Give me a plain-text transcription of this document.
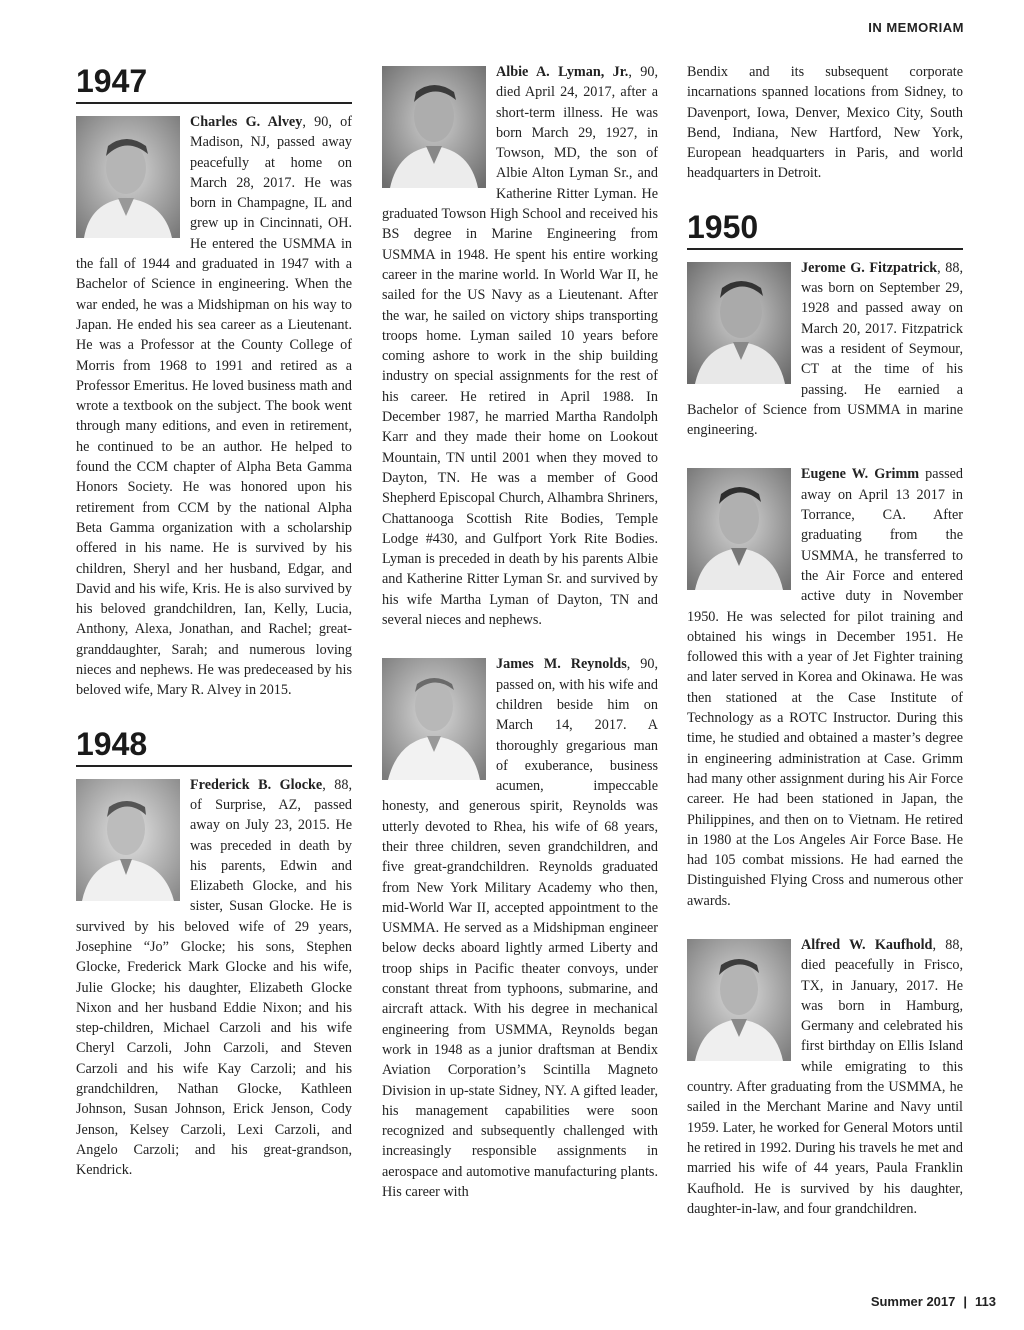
IN MEMORIAM
1947

Charles G. Alvey, 90, of Madison, NJ, passed away peacefully at home on March 28, 2017. He was born in Champagne, IL and grew up in Cincinnati, OH. He entered the USMMA in the fall of 1944 and graduated in 1947 with a Bachelor of Science in engineering. When the war ended, he was a Midshipman on his way to Japan. He ended his sea career as a Lieutenant. He was a Professor at the County College of Morris from 1968 to 1991 and retired as a Professor Emeritus. He loved business math and wrote a textbook on the subject. The book went through many editions, and even in retirement, he continued to be an author. He helped to found the CCM chapter of Alpha Beta Gamma Honors Society. He was honored upon his retirement from CCM by the national Alpha Beta Gamma organization with a scholarship offered in his name. He is survived by his children, Sheryl and her husband, Edgar, and David and his wife, Kris. He is also survived by his beloved grandchildren, Ian, Kelly, Lucia, Anthony, Alexa, Jonathan, and Rachel; great-granddaughter, Sarah; and numerous loving nieces and nephews. He was predeceased by his beloved wife, Mary R. Alvey in 2015.

1948

Frederick B. Glocke, 88, of Surprise, AZ, passed away on July 23, 2015. He was preceded in death by his parents, Edwin and Elizabeth Glocke, and his sister, Susan Glocke. He is survived by his beloved wife of 29 years, Josephine “Jo” Glocke; his sons, Stephen Glocke, Frederick Mark Glocke and his wife, Julie Glocke; his daughter, Elizabeth Glocke Nixon and her husband Eddie Nixon; and his step-children, Michael Carzoli and his wife Cheryl Carzoli, John Carzoli, and Steven Carzoli and his wife Kay Carzoli; and his grandchildren, Nathan Glocke, Kathleen Johnson, Susan Johnson, Erick Jenson, Cody Jenson, Kelsey Carzoli, Lexi Carzoli, and Angelo Carzoli; and his great-grandson, Kendrick.

Albie A. Lyman, Jr., 90, died April 24, 2017, after a short-term illness. He was born March 29, 1927, in Towson, MD, the son of Albie Alton Lyman Sr., and Katherine Ritter Lyman. He graduated Towson High School and received his BS degree in Marine Engineering from USMMA in 1948. He spent his entire working career in the marine world. In World War II, he sailed for the US Navy as a Lieutenant. After the war, he sailed on victory ships transporting troops home. Lyman sailed 10 years before coming ashore to work in the ship building industry on special assignments for the rest of his career. He retired in April 1988. In December 1987, he married Martha Randolph Karr and they made their home on Lookout Mountain, TN until 2001 when they moved to Dayton, TN. He was a member of Good Shepherd Episcopal Church, Alhambra Shriners, Chattanooga Scottish Rite Bodies, Temple Lodge #430, and Gulfport York Rite Bodies. Lyman is preceded in death by his parents Albie and Katherine Ritter Lyman Sr. and survived by his wife Martha Lyman of Dayton, TN and several nieces and nephews.

James M. Reynolds, 90, passed on, with his wife and children beside him on March 14, 2017. A thoroughly gregarious man of exuberance, business acumen, impeccable honesty, and generous spirit, Reynolds was utterly devoted to Rhea, his wife of 68 years, their three children, seven grandchildren, and five great-grandchildren. Reynolds graduated from New York Military Academy who then, mid-World War II, accepted appointment to the USMMA. He served as a Midshipman engineer below decks aboard lightly armed Liberty and troop ships in Pacific theater convoys, under constant threat from typhoons, submarine, and aircraft attack. With his degree in mechanical engineering from USMMA, Reynolds began work in 1948 as a junior draftsman at Bendix Aviation Corporation’s Scintilla Magneto Division in up-state Sidney, NY. A gifted leader, his management capabilities were soon recognized and subsequently challenged with increasingly responsible assignments in aerospace and automotive manufacturing plants. His career with

Bendix and its subsequent corporate incarnations spanned locations from Sidney, to Davenport, Iowa, Denver, Mexico City, South Bend, Indiana, New Hartford, New York, European headquarters in Paris, and world headquarters in Detroit.

1950

Jerome G. Fitzpatrick, 88, was born on September 29, 1928 and passed away on March 20, 2017. Fitzpatrick was a resident of Seymour, CT at the time of his passing. He earnied a Bachelor of Science from USMMA in marine engineering.

Eugene W. Grimm passed away on April 13 2017 in Torrance, CA. After graduating from the USMMA, he transferred to the Air Force and entered active duty in November 1950. He was selected for pilot training and obtained his wings in December 1951. He followed this with a year of Jet Fighter training and later served in Korea and Okinawa. He was then stationed at the Case Institute of Technology as a ROTC Instructor. During this time, he studied and obtained a master’s degree in engineering administration at Case. Grimm had many other assignment during his Air Force career. He had been stationed in Japan, the Philippines, and then on to Vietnam. He retired in 1980 at the Los Angeles Air Force Base. He had 105 combat missions. He had earned the Distinguished Flying Cross and numerous other awards.

Alfred W. Kaufhold, 88, died peacefully in Frisco, TX, in January, 2017. He was born in Hamburg, Germany and celebrated his first birthday on Ellis Island while emigrating to this country. After graduating from the USMMA, he sailed in the Merchant Marine and Navy until 1959. Later, he worked for General Motors until he retired in 1992. During his travels he met and married his wife of 44 years, Paula Franklin Kaufhold. He is survived by his daughter, daughter-in-law, and four grandchildren.

Summer 2017 | 113
